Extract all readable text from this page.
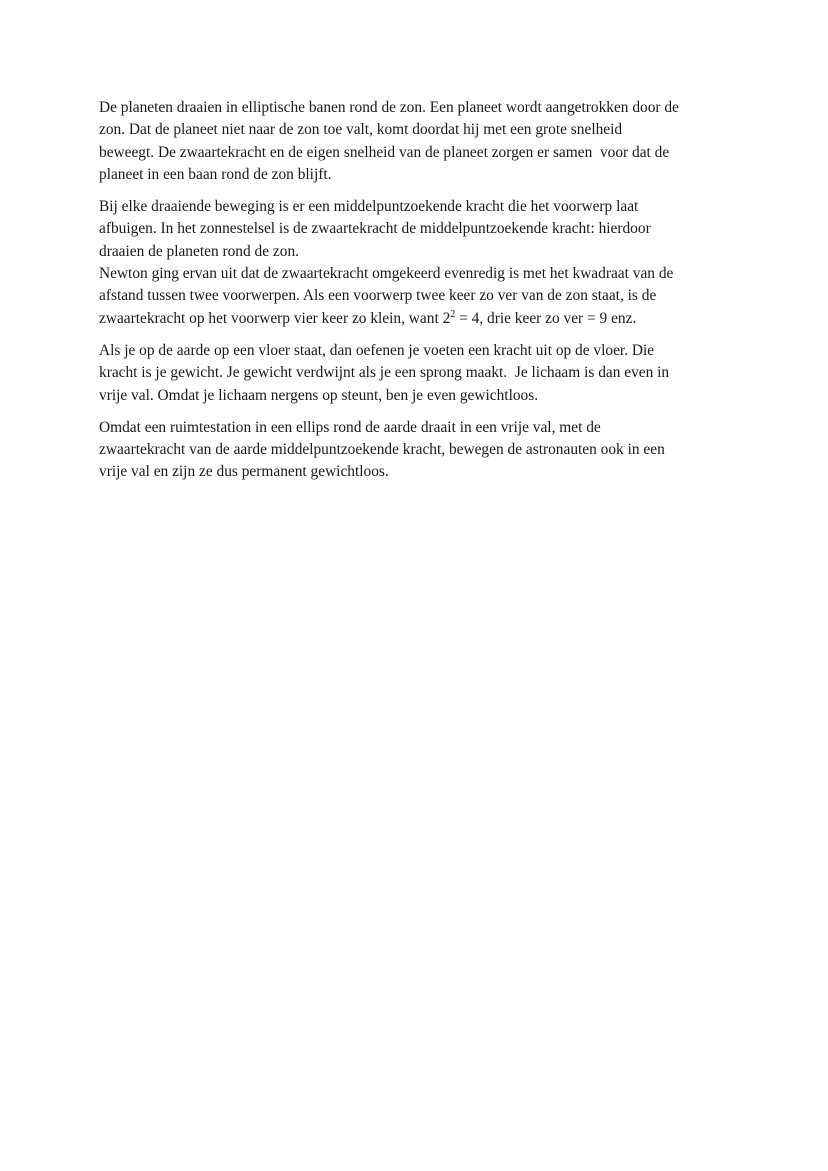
De planeten draaien in elliptische banen rond de zon. Een planeet wordt aangetrokken door de
zon. Dat de planeet niet naar de zon toe valt, komt doordat hij met een grote snelheid
beweegt. De zwaartekracht en de eigen snelheid van de planeet zorgen er samen  voor dat de
planeet in een baan rond de zon blijft.

Bij elke draaiende beweging is er een middelpuntzoekende kracht die het voorwerp laat
afbuigen. In het zonnestelsel is de zwaartekracht de middelpuntzoekende kracht: hierdoor
draaien de planeten rond de zon.
Newton ging ervan uit dat de zwaartekracht omgekeerd evenredig is met het kwadraat van de
afstand tussen twee voorwerpen. Als een voorwerp twee keer zo ver van de zon staat, is de
zwaartekracht op het voorwerp vier keer zo klein, want $2^2 = 4$, drie keer zo ver = 9 enz.

Als je op de aarde op een vloer staat, dan oefenen je voeten een kracht uit op de vloer. Die
kracht is je gewicht. Je gewicht verdwijnt als je een sprong maakt.  Je lichaam is dan even in
vrije val. Omdat je lichaam nergens op steunt, ben je even gewichtloos.

Omdat een ruimtestation in een ellips rond de aarde draait in een vrije val, met de
zwaartekracht van de aarde middelpuntzoekende kracht, bewegen de astronauten ook in een
vrije val en zijn ze dus permanent gewichtloos.
